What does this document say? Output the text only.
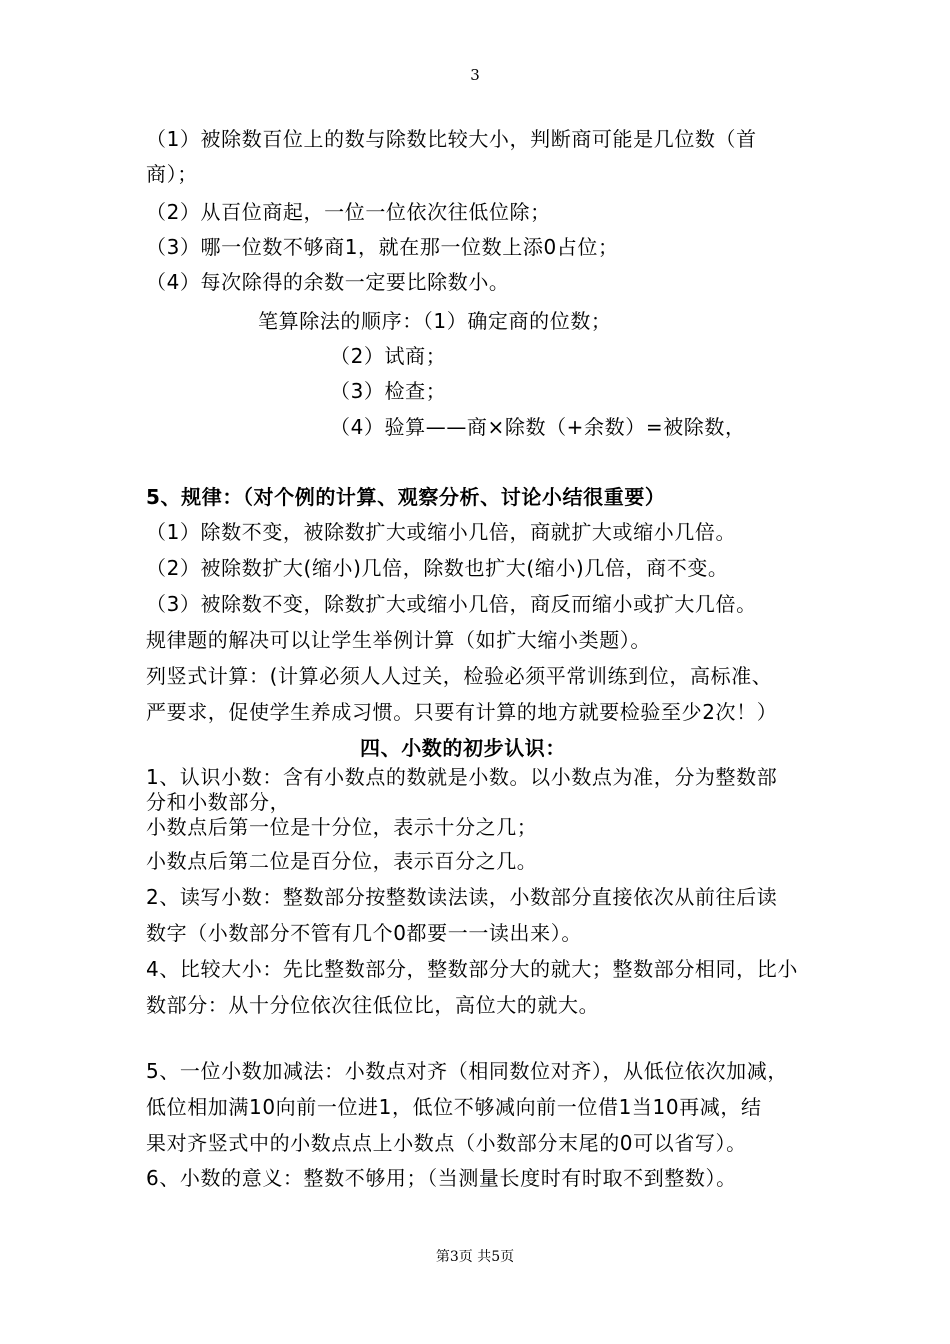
3
（1）被除数百位上的数与除数比较大小，判断商可能是几位数（首
商）；
（2）从百位商起，一位一位依次往低位除；
（3）哪一位数不够商1，就在那一位数上添0占位；
（4）每次除得的余数一定要比除数小。
笔算除法的顺序：（1）确定商的位数；
（2）试商；
（3）检查；
（4）验算——商×除数（+余数）=被除数，
5、规律：（对个例的计算、观察分析、讨论小结很重要）
（1）除数不变，被除数扩大或缩小几倍，商就扩大或缩小几倍。
（2）被除数扩大(缩小)几倍，除数也扩大(缩小)几倍，商不变。
（3）被除数不变，除数扩大或缩小几倍，商反而缩小或扩大几倍。
规律题的解决可以让学生举例计算（如扩大缩小类题）。
列竖式计算：(计算必须人人过关，检验必须平常训练到位，高标准、
严要求，促使学生养成习惯。只要有计算的地方就要检验至少2次！）
四、小数的初步认识：
1、认识小数：含有小数点的数就是小数。以小数点为准，分为整数部
分和小数部分，
小数点后第一位是十分位，表示十分之几；
小数点后第二位是百分位，表示百分之几。
2、读写小数：整数部分按整数读法读，小数部分直接依次从前往后读
数字（小数部分不管有几个0都要一一读出来）。
4、比较大小：先比整数部分，整数部分大的就大；整数部分相同，比小
数部分：从十分位依次往低位比，高位大的就大。
5、一位小数加减法：小数点对齐（相同数位对齐），从低位依次加减，
低位相加满10向前一位进1，低位不够减向前一位借1当10再减，结
果对齐竖式中的小数点点上小数点（小数部分末尾的0可以省写）。
6、小数的意义：整数不够用；（当测量长度时有时取不到整数）。
第3页 共5页
